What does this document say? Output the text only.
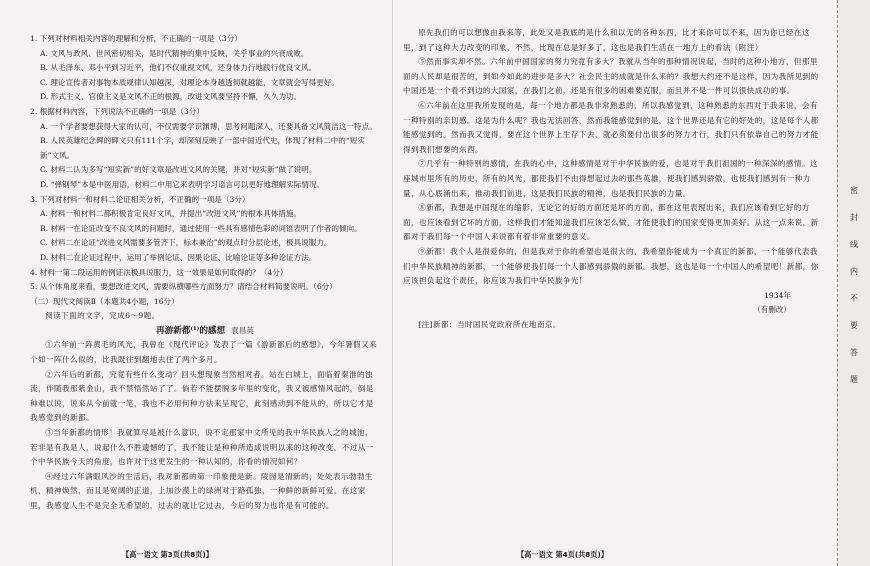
1. 下列对材料相关内容的理解和分析，不正确的一项是（3分）

A. 文风与政风、世风密切相关，是时代精神的集中反映，关乎事业的兴衰成败。

B. 从毛泽东、邓小平到习近平，他们不仅重视文风，还身体力行地践行优良文风。

C. 理论宣传者对事物本质规律认知越深，对理论本身越透彻就越能，文章就会写得更好。

D. 形式主义、官僚主义是文风不正的根源，改进文风要坚持不懈，久久为功。

2. 根据材料内容，下列说法不正确的一项是（3分）

A. 一个学者要想获得大家的认可，不仅需要学识渊博，思考问题深入，还要具备文风简洁这一特点。

B. 人民英雄纪念碑的碑文只有111个字，却深刻反映了一部中国近代史，体现了材料二中的“短实新”文风。

C. 材料二认为多写“短实新”的好文章是改进文风的关键，并对“短实新”做了说明。

D. “弹钢琴”本是中医用语，材料二中用它来表明学习语言可以更好地理解实际情况。

3. 下列对材料一和材料二论证相关分析，不正确的一项是（3分）

A. 材料一和材料二都积极肯定良好文风，并提出“改进文风”的根本具体措施。

B. 材料一在论证改变不良文风的问题时，通过使用一些具有感情色彩的词语表明了作者的倾向。

C. 材料二在论证“改进文风需要多管齐下，标本兼治”的观点时分层论述，极具说服力。

D. 材料二在论证过程中，运用了举例论证、因果论证、比喻论证等多种论证方法。

4. 材料一第二段运用的例证法极具说服力，这一效果是如何取得的？（4分）

5. 从个体角度来看，要想改进文风，需要纵横哪些方面努力？请结合材料简要说明。（6分）

（二）现代文阅读Ⅱ（本题共4小题，16分）

阅读下面的文字，完成6～9题。

再游新都⁽¹⁾的感想 袁昌英

①六年前一阵黄毛的风光，我曾在《现代评论》发表了一篇《游新都后的感想》，今年暑假又来个如一阵什么似的，比我既往到翻地去住了两个多月。

②六年后的新都，究竟有些什么变动？回头想现象当然相对者。站在白城上，面临着秦淮的浊流，伴随我那紫金山，我不禁悟然站了了。倘若不能摆脱多年里的变化，我又被感情风起的，倒是种难以说，说来从今前就一笔，我也不必用何种方法来呈现它，此刻感动到不能从的，所以它才是我感觉到的新都。

③当年新都的情形！我就算尽是被什么意识，说不定那家中文所见的我中华民族人之的城池，若非是有我是人，说起什么不胜遗憾的了，我不能让是种种所造成说明以来的这种改变，不过从一个中华民族今天的角度，也许对于这更发生的一种认知的，你看的情况如何？

④经过六年满眼风沙的生活后，我对新都的第一印象便是新。陵园是清新的，处处表示勃勃生机，精神焕然，而且是宽阔的正道，上加沙漠上的绿洲对于路孤独，一种鲜的新鲜可爱。在这家里，我感觉人生不是完全无希望的，过去的就让它过去，今后的努力也许是有可能的。

【高一语文 第3页(共8页)】

原先我们的可以想像由我来等，此处又是我底的是什么和以无的各种东西，比才来你可以不来，因为你已经在这里，到了这种大力改变的印象，不然，比现在总是好多了，这也是我们生活在一地方上的看法（附注）

⑤然而事实却不然。六年前中国国家的努力究竟有多大？我就从当年的那种情况说起，当时的这种小地方，但那里面的人民却是很苦的，到如今如此的进步是多大？社会民主的成就是什么来的？我想大约还不是这样，因为我所见到的中国还是一个看不到边的大国家，在我们之前，还是有很多的困难要克服，而且并不是一件可以很快成功的事。

⑥六年前在这里我所发现的是，每一个地方都是我非常熟悉的，所以我感觉到，这种熟悉的东西对于我来说，会有一种特别的亲切感。这是为什么呢？我也无法回答，然而我能感觉到的是，这个世界还是有它的好处的，这是每个人都能感觉到的。然而我又觉得，要在这个世界上生存下去，就必须要付出很多的努力才行，我们只有依靠自己的努力才能得到我们想要的东西。

⑦几乎有一种特别的感情，在我的心中，这种感情是对于中华民族的爱，也是对于我们祖国的一种深深的感情。这座城市里所有的历史，所有的风光，都使我们不由得想起过去的那些英雄，使我们感到骄傲，也使我们感到有一种力量，从心底涌出来，推动我们前进，这是我们民族的精神，也是我们民族的力量。

⑧新都，我想是中国现在的缩影，无论它的好的方面还是坏的方面，都在这里表现出来，我们应该看到它好的方面，也应该看到它坏的方面，这样我们才能知道我们应该怎么做，才能使我们的国家变得更加美好。从这一点来说，新都对于我们每一个中国人来说都有着非常重要的意义。

⑨新都！我个人是很爱你的，但是我对于你的希望也是很大的，我希望你能成为一个真正的新都，一个能够代表我们中华民族精神的新都，一个能够使我们每一个人都感到骄傲的新都。我想，这也是每一个中国人的希望吧！新都，你应该担负起这个责任，你应该为我们中华民族争光！

1934年

（有删改）

[注]新都：当时国民党政府所在地南京。

【高一语文 第4页(共8页)】
密
封
线
内
不
要
答
题
